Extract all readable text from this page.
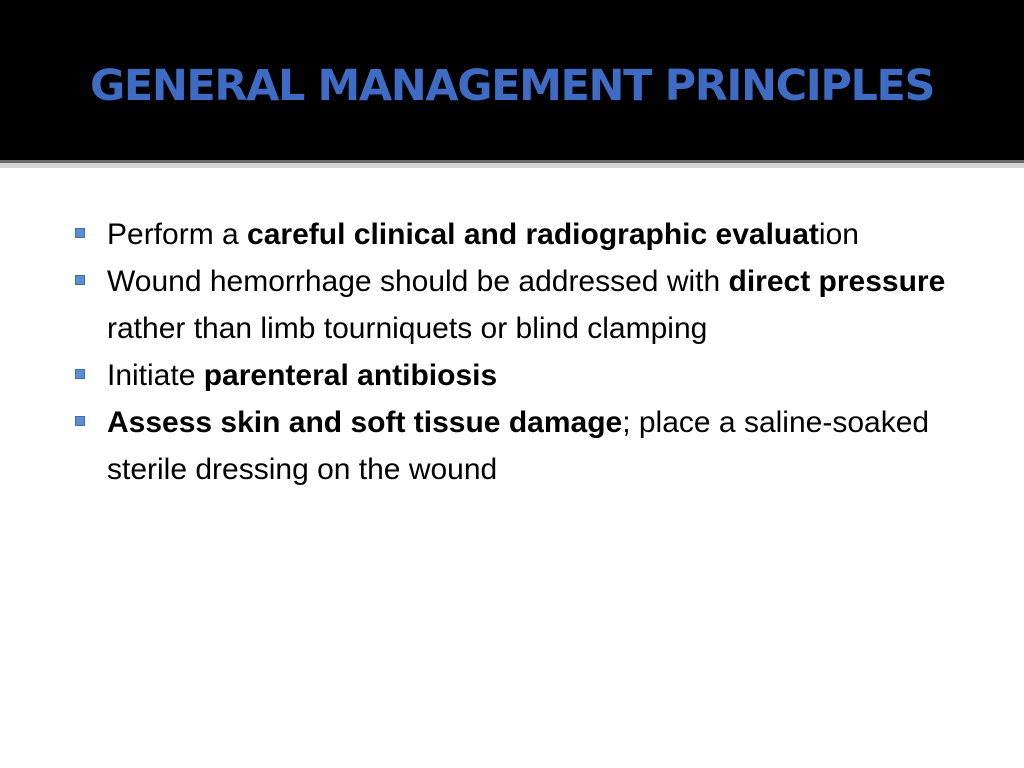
GENERAL MANAGEMENT PRINCIPLES
Perform a careful clinical and radiographic evaluation
Wound hemorrhage should be addressed with direct pressure rather than limb tourniquets or blind clamping
Initiate parenteral antibiosis
Assess skin and soft tissue damage; place a saline-soaked sterile dressing on the wound
